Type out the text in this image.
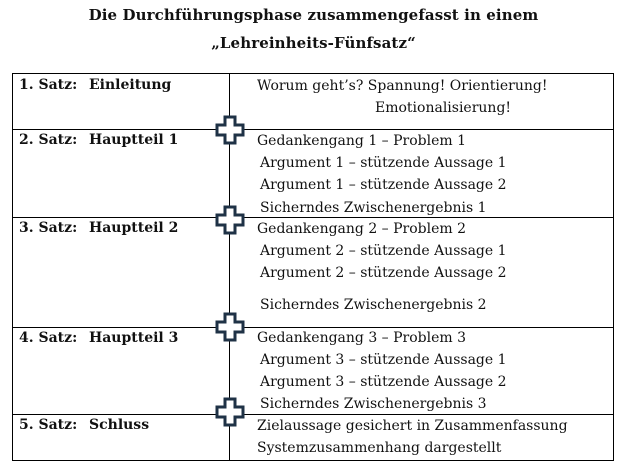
Die Durchführungsphase zusammengefasst in einem
„Lehreinheits-Fünfsatz“
1. Satz: Einleitung	Worum geht’s? Spannung! Orientierung!
Emotionalisierung!
2. Satz: Hauptteil 1	Gedankengang 1 – Problem 1
Argument 1 – stützende Aussage 1
Argument 1 – stützende Aussage 2
Sicherndes Zwischenergebnis 1
3. Satz: Hauptteil 2	Gedankengang 2 – Problem 2
Argument 2 – stützende Aussage 1
Argument 2 – stützende Aussage 2
Sicherndes Zwischenergebnis 2
4. Satz: Hauptteil 3	Gedankengang 3 – Problem 3
Argument 3 – stützende Aussage 1
Argument 3 – stützende Aussage 2
Sicherndes Zwischenergebnis 3
5. Satz: Schluss	Zielaussage gesichert in Zusammenfassung
Systemzusammenhang dargestellt
